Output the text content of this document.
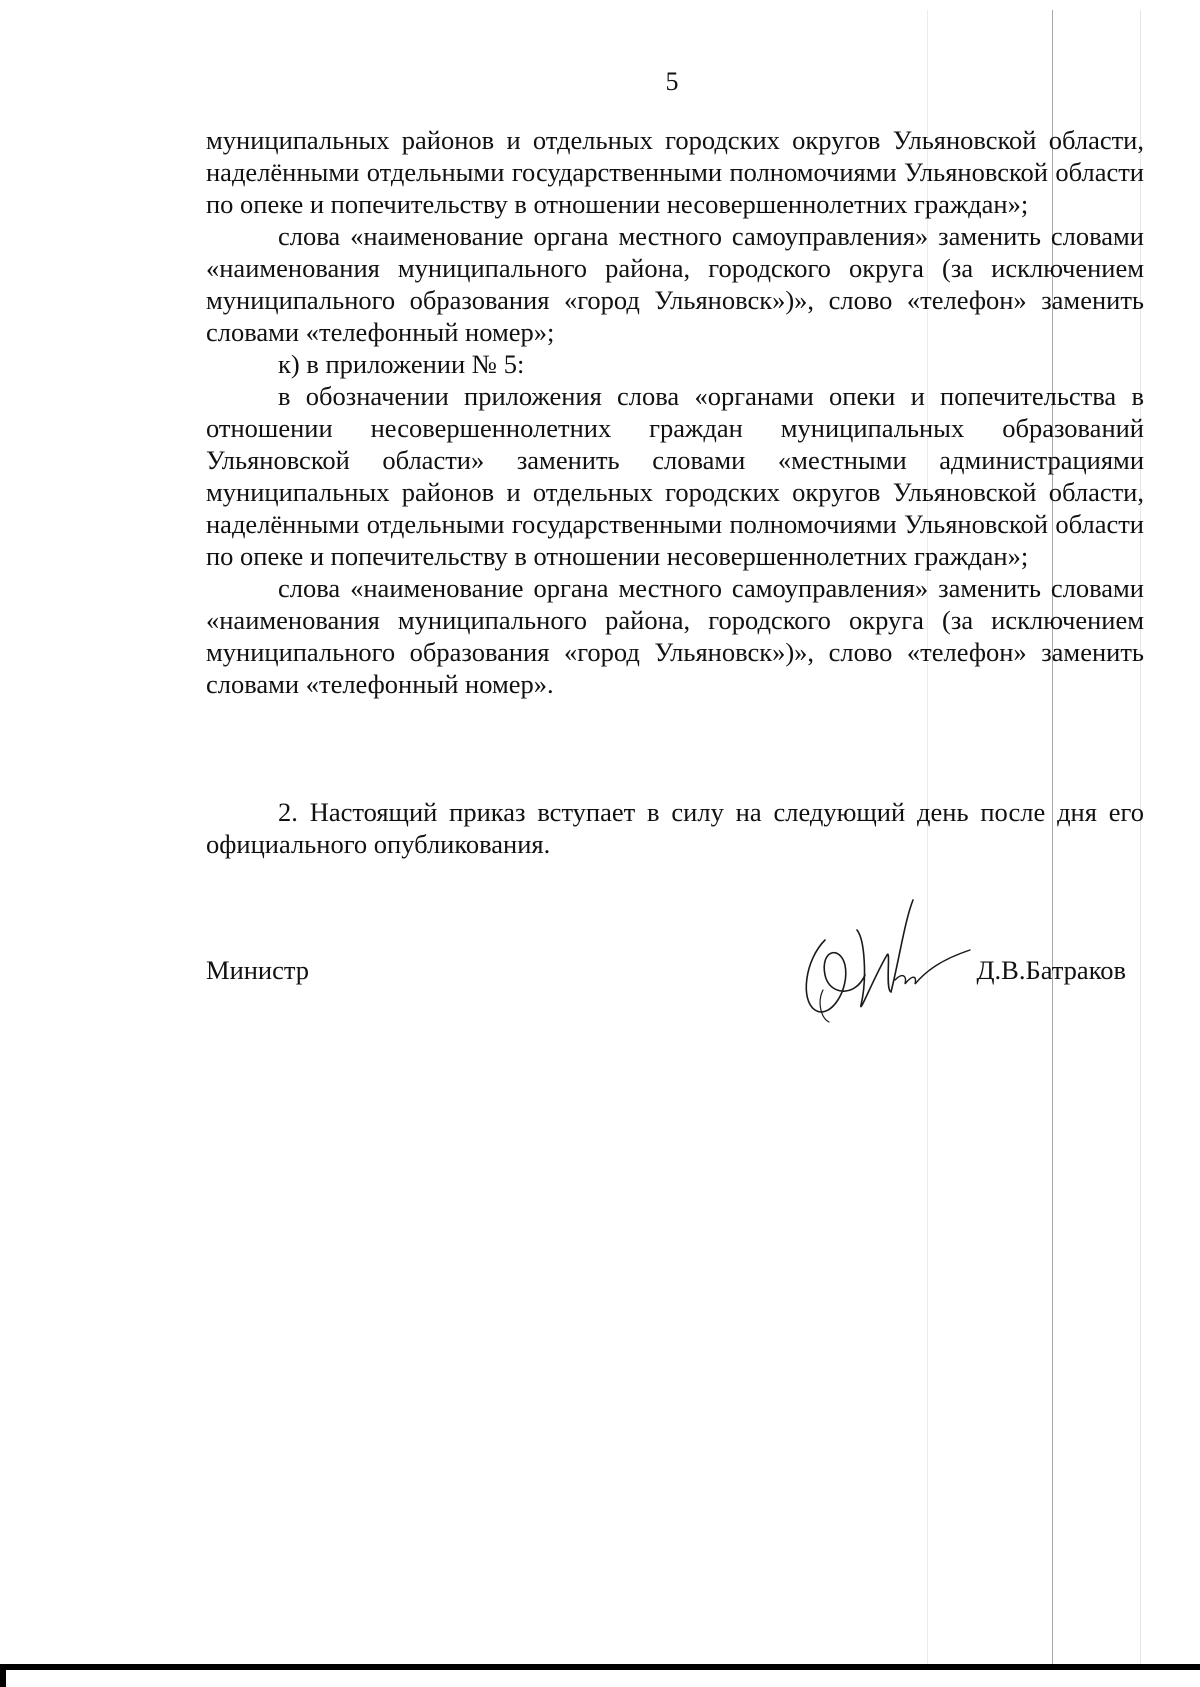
5

муниципальных районов и отдельных городских округов Ульяновской области, наделёнными отдельными государственными полномочиями Ульяновской области по опеке и попечительству в отношении несовершеннолетних граждан»;

слова «наименование органа местного самоуправления» заменить словами «наименования муниципального района, городского округа (за исключением муниципального образования «город Ульяновск»)», слово «телефон» заменить словами «телефонный номер»;

к) в приложении № 5:

в обозначении приложения слова «органами опеки и попечительства в отношении несовершеннолетних граждан муниципальных образований Ульяновской области» заменить словами «местными администрациями муниципальных районов и отдельных городских округов Ульяновской области, наделёнными отдельными государственными полномочиями Ульяновской области по опеке и попечительству в отношении несовершеннолетних граждан»;

слова «наименование органа местного самоуправления» заменить словами «наименования муниципального района, городского округа (за исключением муниципального образования «город Ульяновск»)», слово «телефон» заменить словами «телефонный номер».

2. Настоящий приказ вступает в силу на следующий день после дня его официального опубликования.

Министр	Д.В.Батраков
